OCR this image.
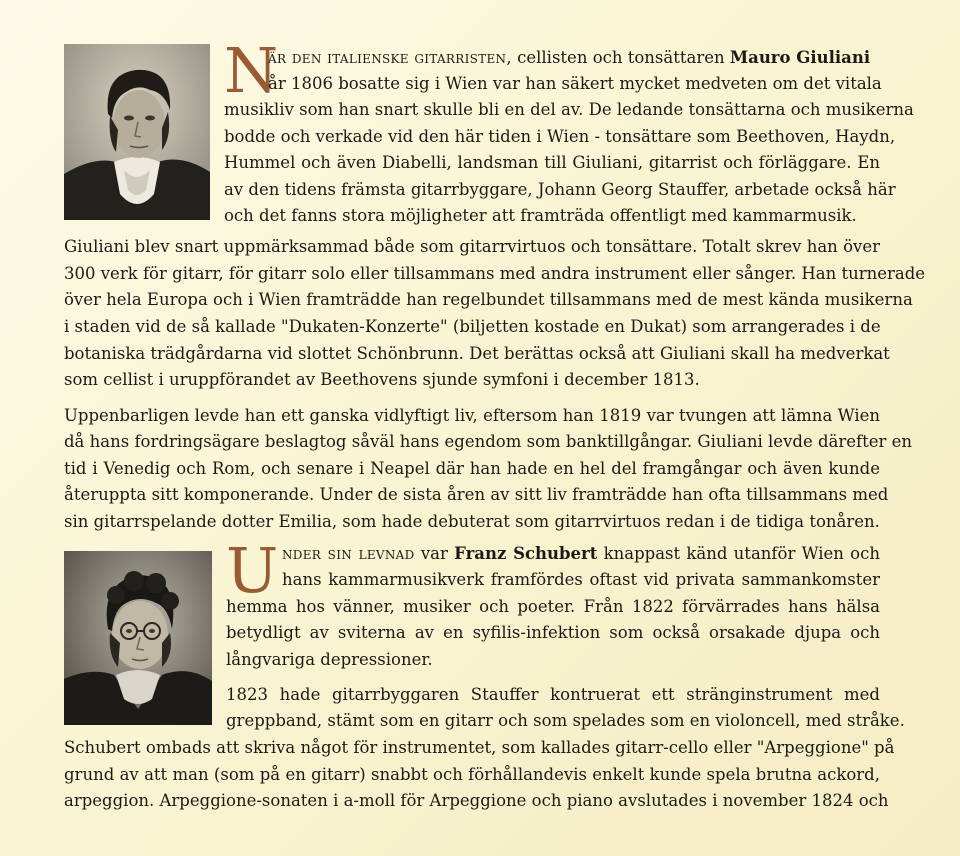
N
är den italienske gitarristen, cellisten och tonsättaren Mauro Giuliani
år 1806 bosatte sig i Wien var han säkert mycket medveten om det vitala
musikliv som han snart skulle bli en del av. De ledande tonsättarna och musikerna
bodde och verkade vid den här tiden i Wien - tonsättare som Beethoven, Haydn,
Hummel och även Diabelli, landsman till Giuliani, gitarrist och förläggare. En
av den tidens främsta gitarrbyggare, Johann Georg Stauffer, arbetade också här
och det fanns stora möjligheter att framträda offentligt med kammarmusik.
Giuliani blev snart uppmärksammad både som gitarrvirtuos och tonsättare. Totalt skrev han över
300 verk för gitarr, för gitarr solo eller tillsammans med andra instrument eller sånger. Han turnerade
över hela Europa och i Wien framträdde han regelbundet tillsammans med de mest kända musikerna
i staden vid de så kallade "Dukaten-Konzerte" (biljetten kostade en Dukat) som arrangerades i de
botaniska trädgårdarna vid slottet Schönbrunn. Det berättas också att Giuliani skall ha medverkat
som cellist i uruppförandet av Beethovens sjunde symfoni i december 1813.
Uppenbarligen levde han ett ganska vidlyftigt liv, eftersom han 1819 var tvungen att lämna Wien
då hans fordringsägare beslagtog såväl hans egendom som banktillgångar. Giuliani levde därefter en
tid i Venedig och Rom, och senare i Neapel där han hade en hel del framgångar och även kunde
återuppta sitt komponerande. Under de sista åren av sitt liv framträdde han ofta tillsammans med
sin gitarrspelande dotter Emilia, som hade debuterat som gitarrvirtuos redan i de tidiga tonåren.
U nder sin levnad var Franz Schubert knappast känd utanför Wien och
hans kammarmusikverk framfördes oftast vid privata sammankomster
hemma hos vänner, musiker och poeter. Från 1822 förvärrades hans hälsa
betydligt av sviterna av en syfilis-infektion som också orsakade djupa och
långvariga depressioner.
1823 hade gitarrbyggaren Stauffer kontruerat ett stränginstrument med
greppband, stämt som en gitarr och som spelades som en violoncell, med stråke.
Schubert ombads att skriva något för instrumentet, som kallades gitarr-cello eller "Arpeggione" på
grund av att man (som på en gitarr) snabbt och förhållandevis enkelt kunde spela brutna ackord,
arpeggion. Arpeggione-sonaten i a-moll för Arpeggione och piano avslutades i november 1824 och
